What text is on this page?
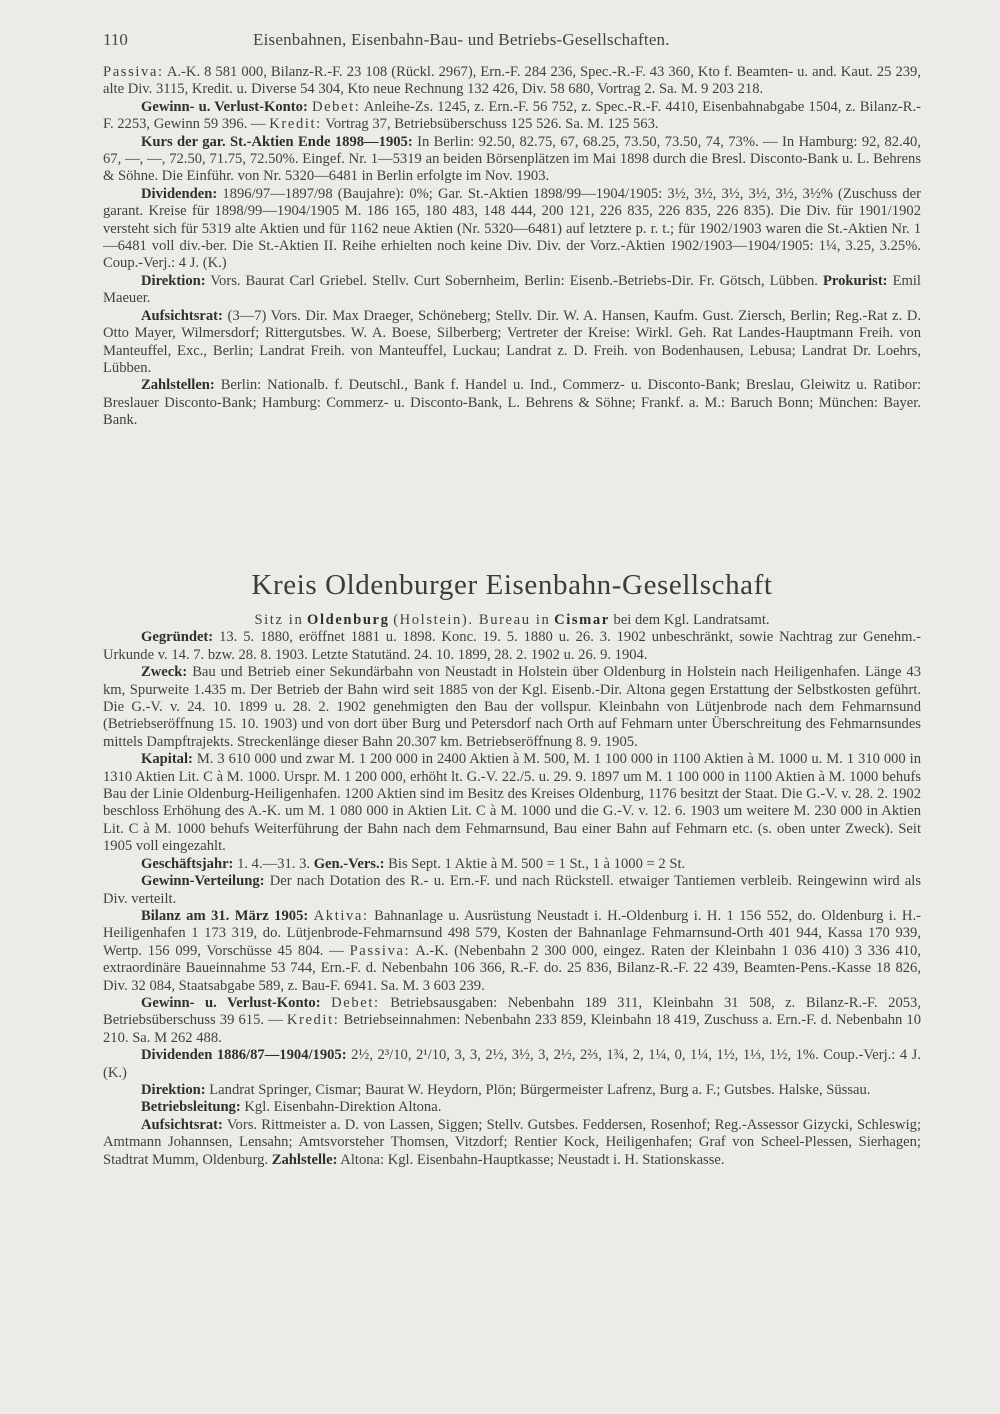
110	Eisenbahnen, Eisenbahn-Bau- und Betriebs-Gesellschaften.

Passiva: A.-K. 8 581 000, Bilanz-R.-F. 23 108 (Rückl. 2967), Ern.-F. 284 236, Spec.-R.-F. 43 360, Kto f. Beamten- u. and. Kaut. 25 239, alte Div. 3115, Kredit. u. Diverse 54 304, Kto neue Rechnung 132 426, Div. 58 680, Vortrag 2. Sa. M. 9 203 218.

Gewinn- u. Verlust-Konto: Debet: Anleihe-Zs. 1245, z. Ern.-F. 56 752, z. Spec.-R.-F. 4410, Eisenbahnabgabe 1504, z. Bilanz-R.-F. 2253, Gewinn 59 396. — Kredit: Vortrag 37, Betriebsüberschuss 125 526. Sa. M. 125 563.

Kurs der gar. St.-Aktien Ende 1898—1905: In Berlin: 92.50, 82.75, 67, 68.25, 73.50, 73.50, 74, 73%. — In Hamburg: 92, 82.40, 67, —, —, 72.50, 71.75, 72.50%. Eingef. Nr. 1—5319 an beiden Börsenplätzen im Mai 1898 durch die Bresl. Disconto-Bank u. L. Behrens & Söhne. Die Einführ. von Nr. 5320—6481 in Berlin erfolgte im Nov. 1903.

Dividenden: 1896/97—1897/98 (Baujahre): 0%; Gar. St.-Aktien 1898/99—1904/1905: 3½, 3½, 3½, 3½, 3½, 3½% (Zuschuss der garant. Kreise für 1898/99—1904/1905 M. 186 165, 180 483, 148 444, 200 121, 226 835, 226 835, 226 835). Die Div. für 1901/1902 versteht sich für 5319 alte Aktien und für 1162 neue Aktien (Nr. 5320—6481) auf letztere p. r. t.; für 1902/1903 waren die St.-Aktien Nr. 1—6481 voll div.-ber. Die St.-Aktien II. Reihe erhielten noch keine Div. Div. der Vorz.-Aktien 1902/1903—1904/1905: 1¼, 3.25, 3.25%. Coup.-Verj.: 4 J. (K.)

Direktion: Vors. Baurat Carl Griebel. Stellv. Curt Sobernheim, Berlin: Eisenb.-Betriebs-Dir. Fr. Götsch, Lübben. Prokurist: Emil Maeuer.

Aufsichtsrat: (3—7) Vors. Dir. Max Draeger, Schöneberg; Stellv. Dir. W. A. Hansen, Kaufm. Gust. Ziersch, Berlin; Reg.-Rat z. D. Otto Mayer, Wilmersdorf; Rittergutsbes. W. A. Boese, Silberberg; Vertreter der Kreise: Wirkl. Geh. Rat Landes-Hauptmann Freih. von Manteuffel, Exc., Berlin; Landrat Freih. von Manteuffel, Luckau; Landrat z. D. Freih. von Bodenhausen, Lebusa; Landrat Dr. Loehrs, Lübben.

Zahlstellen: Berlin: Nationalb. f. Deutschl., Bank f. Handel u. Ind., Commerz- u. Disconto-Bank; Breslau, Gleiwitz u. Ratibor: Breslauer Disconto-Bank; Hamburg: Commerz- u. Disconto-Bank, L. Behrens & Söhne; Frankf. a. M.: Baruch Bonn; München: Bayer. Bank.

Kreis Oldenburger Eisenbahn-Gesellschaft

Sitz in Oldenburg (Holstein). Bureau in Cismar bei dem Kgl. Landratsamt.

Gegründet: 13. 5. 1880, eröffnet 1881 u. 1898. Konc. 19. 5. 1880 u. 26. 3. 1902 unbeschränkt, sowie Nachtrag zur Genehm.-Urkunde v. 14. 7. bzw. 28. 8. 1903. Letzte Statutänd. 24. 10. 1899, 28. 2. 1902 u. 26. 9. 1904.

Zweck: Bau und Betrieb einer Sekundärbahn von Neustadt in Holstein über Oldenburg in Holstein nach Heiligenhafen. Länge 43 km, Spurweite 1.435 m. Der Betrieb der Bahn wird seit 1885 von der Kgl. Eisenb.-Dir. Altona gegen Erstattung der Selbstkosten geführt. Die G.-V. v. 24. 10. 1899 u. 28. 2. 1902 genehmigten den Bau der vollspur. Kleinbahn von Lütjenbrode nach dem Fehmarnsund (Betriebseröffnung 15. 10. 1903) und von dort über Burg und Petersdorf nach Orth auf Fehmarn unter Überschreitung des Fehmarnsundes mittels Dampftrajekts. Streckenlänge dieser Bahn 20.307 km. Betriebseröffnung 8. 9. 1905.

Kapital: M. 3 610 000 und zwar M. 1 200 000 in 2400 Aktien à M. 500, M. 1 100 000 in 1100 Aktien à M. 1000 u. M. 1 310 000 in 1310 Aktien Lit. C à M. 1000. Urspr. M. 1 200 000, erhöht lt. G.-V. 22./5. u. 29. 9. 1897 um M. 1 100 000 in 1100 Aktien à M. 1000 behufs Bau der Linie Oldenburg-Heiligenhafen. 1200 Aktien sind im Besitz des Kreises Oldenburg, 1176 besitzt der Staat. Die G.-V. v. 28. 2. 1902 beschloss Erhöhung des A.-K. um M. 1 080 000 in Aktien Lit. C à M. 1000 und die G.-V. v. 12. 6. 1903 um weitere M. 230 000 in Aktien Lit. C à M. 1000 behufs Weiterführung der Bahn nach dem Fehmarnsund, Bau einer Bahn auf Fehmarn etc. (s. oben unter Zweck). Seit 1905 voll eingezahlt.

Geschäftsjahr: 1. 4.—31. 3. Gen.-Vers.: Bis Sept. 1 Aktie à M. 500 = 1 St., 1 à 1000 = 2 St.

Gewinn-Verteilung: Der nach Dotation des R.- u. Ern.-F. und nach Rückstell. etwaiger Tantiemen verbleib. Reingewinn wird als Div. verteilt.

Bilanz am 31. März 1905: Aktiva: Bahnanlage u. Ausrüstung Neustadt i. H.-Oldenburg i. H. 1 156 552, do. Oldenburg i. H.-Heiligenhafen 1 173 319, do. Lütjenbrode-Fehmarnsund 498 579, Kosten der Bahnanlage Fehmarnsund-Orth 401 944, Kassa 170 939, Wertp. 156 099, Vorschüsse 45 804. — Passiva: A.-K. (Nebenbahn 2 300 000, eingez. Raten der Kleinbahn 1 036 410) 3 336 410, extraordinäre Baueinnahme 53 744, Ern.-F. d. Nebenbahn 106 366, R.-F. do. 25 836, Bilanz-R.-F. 22 439, Beamten-Pens.-Kasse 18 826, Div. 32 084, Staatsabgabe 589, z. Bau-F. 6941. Sa. M. 3 603 239.

Gewinn- u. Verlust-Konto: Debet: Betriebsausgaben: Nebenbahn 189 311, Kleinbahn 31 508, z. Bilanz-R.-F. 2053, Betriebsüberschuss 39 615. — Kredit: Betriebseinnahmen: Nebenbahn 233 859, Kleinbahn 18 419, Zuschuss a. Ern.-F. d. Nebenbahn 10 210. Sa. M 262 488.

Dividenden 1886/87—1904/1905: 2½, 2³/10, 2¹/10, 3, 3, 2½, 3½, 3, 2½, 2⅔, 1¾, 2, 1¼, 0, 1¼, 1½, 1⅓, 1½, 1%. Coup.-Verj.: 4 J. (K.)

Direktion: Landrat Springer, Cismar; Baurat W. Heydorn, Plön; Bürgermeister Lafrenz, Burg a. F.; Gutsbes. Halske, Süssau.

Betriebsleitung: Kgl. Eisenbahn-Direktion Altona.

Aufsichtsrat: Vors. Rittmeister a. D. von Lassen, Siggen; Stellv. Gutsbes. Feddersen, Rosenhof; Reg.-Assessor Gizycki, Schleswig; Amtmann Johannsen, Lensahn; Amtsvorsteher Thomsen, Vitzdorf; Rentier Kock, Heiligenhafen; Graf von Scheel-Plessen, Sierhagen; Stadtrat Mumm, Oldenburg. Zahlstelle: Altona: Kgl. Eisenbahn-Hauptkasse; Neustadt i. H. Stationskasse.
